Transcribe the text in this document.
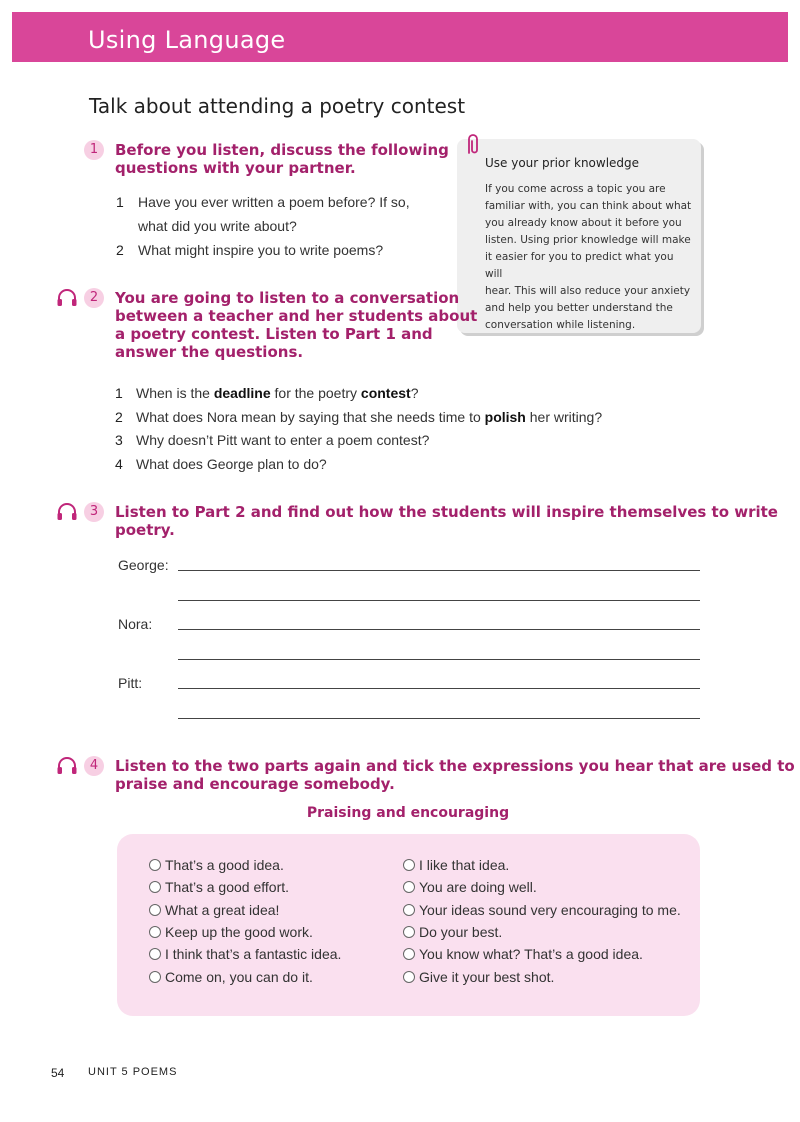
Using Language
Talk about attending a poetry contest
1	Before you listen, discuss the following
questions with your partner.
1 Have you ever written a poem before? If so,
what did you write about?
2 What might inspire you to write poems?
Use your prior knowledge
If you come across a topic you are
familiar with, you can think about what
you already know about it before you
listen. Using prior knowledge will make
it easier for you to predict what you will
hear. This will also reduce your anxiety
and help you better understand the
conversation while listening.
2	You are going to listen to a conversation
between a teacher and her students about
a poetry contest. Listen to Part 1 and
answer the questions.
1 When is the deadline for the poetry contest?
2 What does Nora mean by saying that she needs time to polish her writing?
3 Why doesn’t Pitt want to enter a poem contest?
4 What does George plan to do?
3	Listen to Part 2 and find out how the students will inspire themselves to write
poetry.
George:
Nora:
Pitt:
4	Listen to the two parts again and tick the expressions you hear that are used to
praise and encourage somebody.
Praising and encouraging
That’s a good idea.
That’s a good effort.
What a great idea!
Keep up the good work.
I think that’s a fantastic idea.
Come on, you can do it.
I like that idea.
You are doing well.
Your ideas sound very encouraging to me.
Do your best.
You know what? That’s a good idea.
Give it your best shot.
54 UNIT 5 POEMS
